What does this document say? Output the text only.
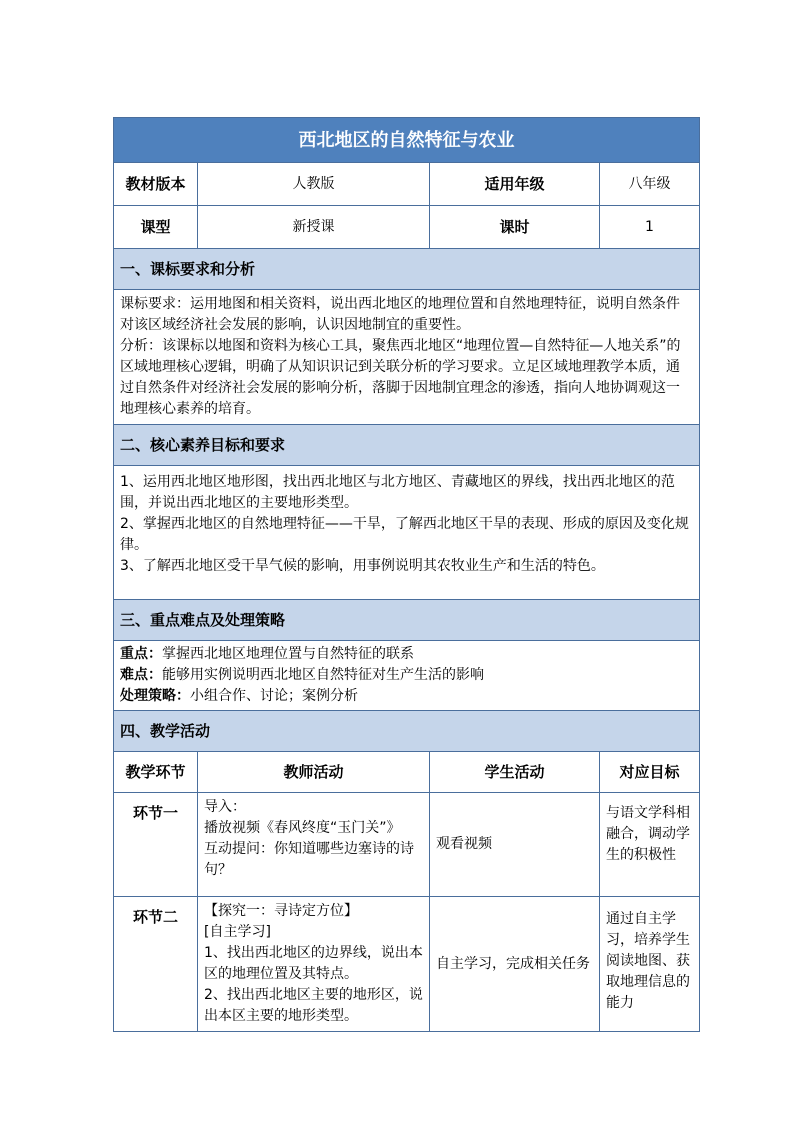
西北地区的自然特征与农业			
教材版本	人教版	适用年级	八年级
课型	新授课	课时	1
一、课标要求和分析			

课标要求：运用地图和相关资料，说出西北地区的地理位置和自然地理特征，说明自然条件对该区域经济社会发展的影响，认识因地制宜的重要性。

分析：该课标以地图和资料为核心工具，聚焦西北地区“地理位置—自然特征—人地关系”的区域地理核心逻辑，明确了从知识识记到关联分析的学习要求。立足区域地理教学本质，通过自然条件对经济社会发展的影响分析，落脚于因地制宜理念的渗透，指向人地协调观这一地理核心素养的培育。			

二、核心素养目标和要求			

1、运用西北地区地形图，找出西北地区与北方地区、青藏地区的界线，找出西北地区的范围，并说出西北地区的主要地形类型。

2、掌握西北地区的自然地理特征——干旱，了解西北地区干旱的表现、形成的原因及变化规律。

3、了解西北地区受干旱气候的影响，用事例说明其农牧业生产和生活的特色。			

三、重点难点及处理策略			

重点：掌握西北地区地理位置与自然特征的联系

难点：能够用实例说明西北地区自然特征对生产生活的影响

处理策略：小组合作、讨论；案例分析			

四、教学活动			
教学环节	教师活动	学生活动	对应目标
环节一	导入：
播放视频《春风终度“玉门关”》
互动提问：你知道哪些边塞诗的诗句？	观看视频	与语文学科相融合，调动学生的积极性
环节二	【探究一：寻诗定方位】
[自主学习]
1、找出西北地区的边界线，说出本区的地理位置及其特点。
2、找出西北地区主要的地形区，说出本区主要的地形类型。	自主学习，完成相关任务	通过自主学习，培养学生阅读地图、获取地理信息的能力
